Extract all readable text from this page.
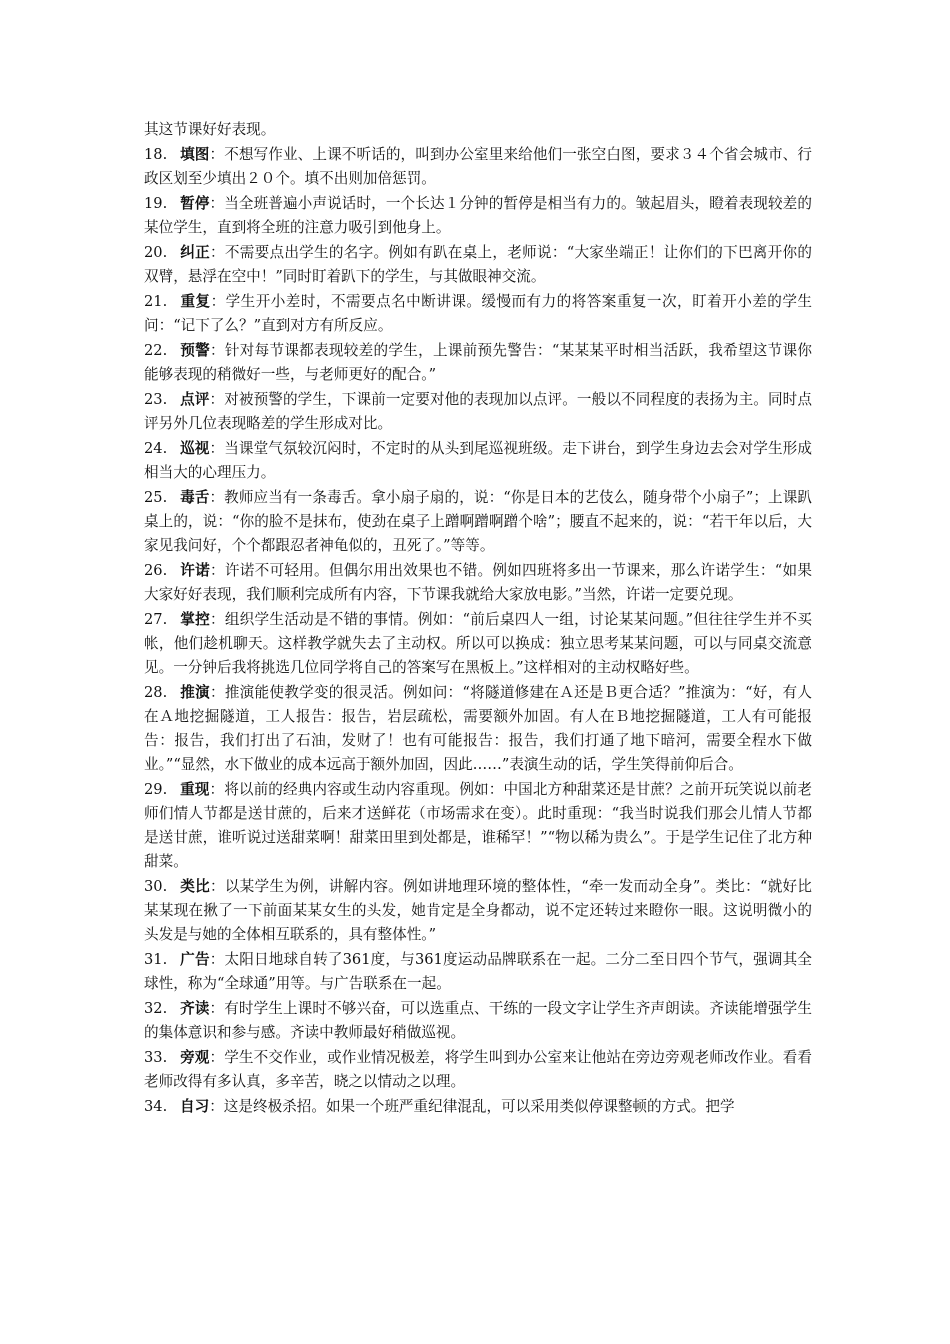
其这节课好好表现。

18. 填图：不想写作业、上课不听话的，叫到办公室里来给他们一张空白图，要求３４个省会城市、行政区划至少填出２０个。填不出则加倍惩罚。

19. 暂停：当全班普遍小声说话时，一个长达１分钟的暂停是相当有力的。皱起眉头，瞪着表现较差的某位学生，直到将全班的注意力吸引到他身上。

20. 纠正：不需要点出学生的名字。例如有趴在桌上，老师说：“大家坐端正！让你们的下巴离开你的双臂，悬浮在空中！”同时盯着趴下的学生，与其做眼神交流。

21. 重复：学生开小差时，不需要点名中断讲课。缓慢而有力的将答案重复一次，盯着开小差的学生问：“记下了么？”直到对方有所反应。

22. 预警：针对每节课都表现较差的学生，上课前预先警告：“某某某平时相当活跃，我希望这节课你能够表现的稍微好一些，与老师更好的配合。”

23. 点评：对被预警的学生，下课前一定要对他的表现加以点评。一般以不同程度的表扬为主。同时点评另外几位表现略差的学生形成对比。

24. 巡视：当课堂气氛较沉闷时，不定时的从头到尾巡视班级。走下讲台，到学生身边去会对学生形成相当大的心理压力。

25. 毒舌：教师应当有一条毒舌。拿小扇子扇的，说：“你是日本的艺伎么，随身带个小扇子”；上课趴桌上的，说：“你的脸不是抹布，使劲在桌子上蹭啊蹭啊蹭个啥”；腰直不起来的，说：“若干年以后，大家见我问好，个个都跟忍者神龟似的，丑死了。”等等。

26. 许诺：许诺不可轻用。但偶尔用出效果也不错。例如四班将多出一节课来，那么许诺学生：“如果大家好好表现，我们顺利完成所有内容，下节课我就给大家放电影。”当然，许诺一定要兑现。

27. 掌控：组织学生活动是不错的事情。例如：“前后桌四人一组，讨论某某问题。”但往往学生并不买帐，他们趁机聊天。这样教学就失去了主动权。所以可以换成：独立思考某某问题，可以与同桌交流意见。一分钟后我将挑选几位同学将自己的答案写在黑板上。”这样相对的主动权略好些。

28. 推演：推演能使教学变的很灵活。例如问：“将隧道修建在Ａ还是Ｂ更合适？”推演为：“好，有人在Ａ地挖掘隧道，工人报告：报告，岩层疏松，需要额外加固。有人在Ｂ地挖掘隧道，工人有可能报告：报告，我们打出了石油，发财了！也有可能报告：报告，我们打通了地下暗河，需要全程水下做业。”“显然，水下做业的成本远高于额外加固，因此……”表演生动的话，学生笑得前仰后合。

29. 重现：将以前的经典内容或生动内容重现。例如：中国北方种甜菜还是甘蔗？之前开玩笑说以前老师们情人节都是送甘蔗的，后来才送鲜花（市场需求在变）。此时重现：“我当时说我们那会儿情人节都是送甘蔗，谁听说过送甜菜啊！甜菜田里到处都是，谁稀罕！”“物以稀为贵么”。于是学生记住了北方种甜菜。

30. 类比：以某学生为例，讲解内容。例如讲地理环境的整体性，“牵一发而动全身”。类比：“就好比某某现在揪了一下前面某某女生的头发，她肯定是全身都动，说不定还转过来瞪你一眼。这说明微小的头发是与她的全体相互联系的，具有整体性。”

31. 广告：太阳日地球自转了361度，与361度运动品牌联系在一起。二分二至日四个节气，强调其全球性，称为“全球通”用等。与广告联系在一起。

32. 齐读：有时学生上课时不够兴奋，可以选重点、干练的一段文字让学生齐声朗读。齐读能增强学生的集体意识和参与感。齐读中教师最好稍做巡视。

33. 旁观：学生不交作业，或作业情况极差，将学生叫到办公室来让他站在旁边旁观老师改作业。看看老师改得有多认真，多辛苦，晓之以情动之以理。

34. 自习：这是终极杀招。如果一个班严重纪律混乱，可以采用类似停课整顿的方式。把学
